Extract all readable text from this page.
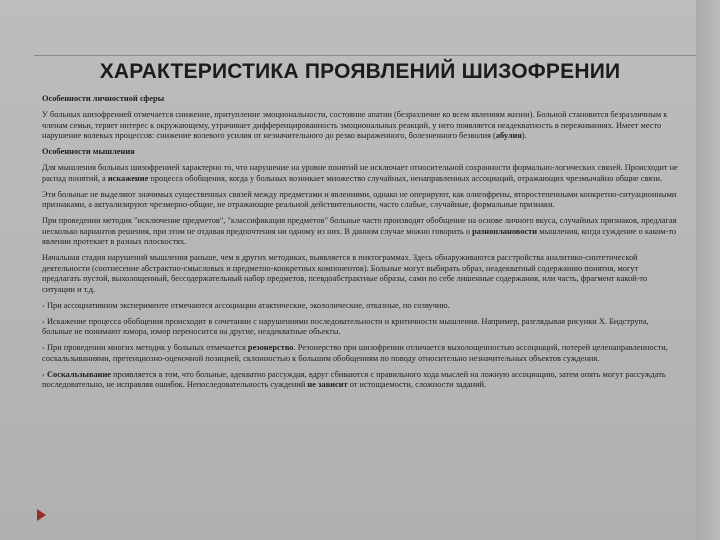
ХАРАКТЕРИСТИКА ПРОЯВЛЕНИЙ ШИЗОФРЕНИИ

Особенности личностной сферы

У больных шизофренией отмечается снижение, притупление эмоциональности, состояние апатии (безразличие ко всем явлениям жизни). Больной становится безразличным к членам семьи, теряет интерес к окружающему, утрачивает дифференцированность эмоциональных реакций, у него появляется неадекватность в переживаниях. Имеет место нарушение волевых процессов: снижение волевого усилия от незначительного до резко выраженного, болезненного безволия (абулия).

Особенности мышления

Для мышления больных шизофренией характерно то, что нарушение на уровне понятий не исключает относительной сохранности формально-логических связей. Происходит не распад понятий, а искажение процесса обобщения, когда у больных возникает множество случайных, ненаправленных ассоциаций, отражающих чрезмычайно общие связи.

Эти больные не выделяют значимых существенных связей между предметами и явлениями, однако не оперируют, как олигофрены, второстепенными конкретно-ситуационными признаками, а актуализируют чрезмерно-общие, не отражающие реальной действительности, часто слабые, случайные, формальные признаки.

При проведении методик "исключение предметов", "классификация предметов" больные часто производят обобщение на основе личного вкуса, случайных признаков, предлагая несколько вариантов решения, при этом не отдавая предпочтения ни одному из них. В данном случае можно говорить о разноплановости мышления, когда суждение о каком-то явлении протекает в разных плоскостях.

Начальная стадия нарушений мышления раньше, чем в других методиках, выявляется в пиктограммах. Здесь обнаруживаются расстройства аналитико-синтетической деятельности (соотнесение абстрактно-смысловых и предметно-конкретных компонентов). Больные могут выбирать образ, неадекватный содержанию понятия, могут предлагать пустой, выхолощенный, бессодержательный набор предметов, псевдоабстрактные образы, сами по себе лишенные содержания, или часть, фрагмент какой-то ситуации и т.д.

› При ассоциативном эксперименте отмечаются ассоциации атактические, экололические, отказные, по созвучию.

› Искажение процесса обобщения происходит в сочетании с нарушениями последовательности и критичности мышления. Например, разглядывая рисунки Х. Бидструпа, больные не понимают юмора, юмор переносится на другие, неадекватные объекты.

› При проведении многих методик у больных отмечается резонерство. Резонерство при шизофрении отличается выхолощенностью ассоциаций, потерей целенаправленности, соскальзываниями, претенциозно-оценочной позицией, склонностью к большим обобщениям по поводу относительно незначительных объектов суждения.

› Соскальзывание проявляется в том, что больные, адекватно рассуждая, вдруг сбиваются с правильного хода мыслей на ложную ассоциацию, затем опять могут рассуждать последовательно, не исправляя ошибок. Непоследовательность суждений не зависит от истощаемости, сложности заданий.
